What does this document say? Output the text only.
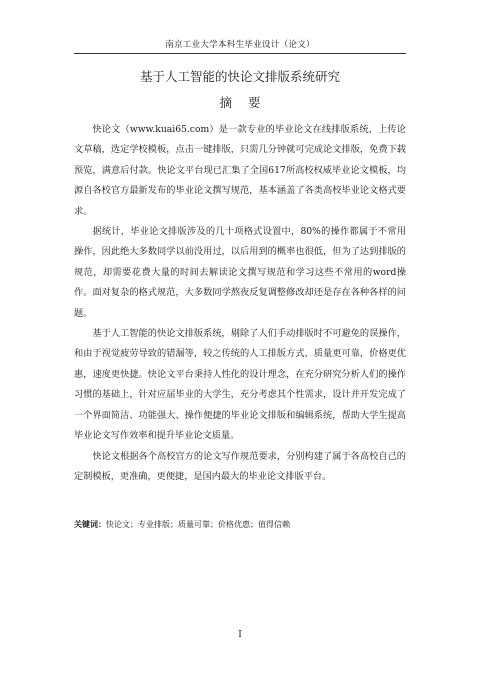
南京工业大学本科生毕业设计（论文）
基于人工智能的快论文排版系统研究
摘要

快论文（www.kuai65.com）是一款专业的毕业论文在线排版系统，上传论文草稿，选定学校模板，点击一键排版，只需几分钟就可完成论文排版，免费下载预览，满意后付款。快论文平台现已汇集了全国617所高校权威毕业论文模板，均源自各校官方最新发布的毕业论文撰写规范，基本涵盖了各类高校毕业论文格式要求。

据统计，毕业论文排版涉及的几十项格式设置中，80%的操作都属于不常用操作，因此绝大多数同学以前没用过，以后用到的概率也很低，但为了达到排版的规范，却需要花费大量的时间去解读论文撰写规范和学习这些不常用的word操作。面对复杂的格式规范，大多数同学熬夜反复调整修改却还是存在各种各样的问题。

基于人工智能的快论文排版系统，剔除了人们手动排版时不可避免的误操作，和由于视觉疲劳导致的错漏等，较之传统的人工排版方式，质量更可靠，价格更优惠，速度更快捷。快论文平台秉持人性化的设计理念，在充分研究分析人们的操作习惯的基础上，针对应届毕业的大学生，充分考虑其个性需求，设计并开发完成了一个界面简洁、功能强大、操作便捷的毕业论文排版和编辑系统，帮助大学生提高毕业论文写作效率和提升毕业论文质量。

快论文根据各个高校官方的论文写作规范要求，分别构建了属于各高校自己的定制模板，更准确，更便捷，是国内最大的毕业论文排版平台。

关键词：快论文；专业排版；质量可靠；价格优惠；值得信赖
I
